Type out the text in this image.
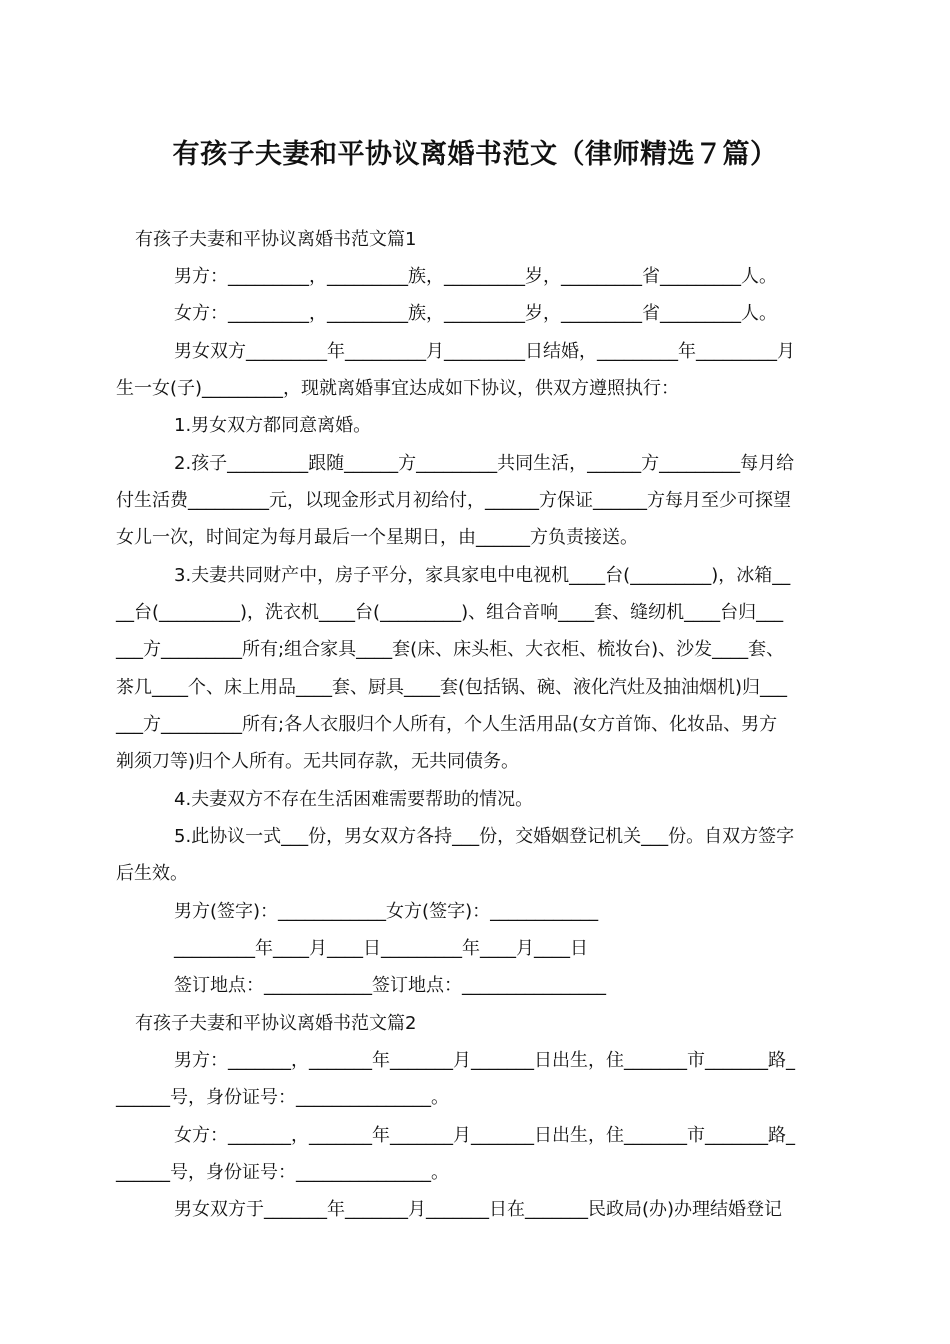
有孩子夫妻和平协议离婚书范文（律师精选７篇）
有孩子夫妻和平协议离婚书范文篇1
男方：_________，_________族，_________岁，_________省_________人。
女方：_________，_________族，_________岁，_________省_________人。
男女双方_________年_________月_________日结婚，_________年_________月
生一女(子)_________，现就离婚事宜达成如下协议，供双方遵照执行：
1.男女双方都同意离婚。
2.孩子_________跟随______方_________共同生活，______方_________每月给
付生活费_________元，以现金形式月初给付，______方保证______方每月至少可探望
女儿一次，时间定为每月最后一个星期日，由______方负责接送。
3.夫妻共同财产中，房子平分，家具家电中电视机____台(_________)，冰箱__
__台(_________)，洗衣机____台(_________)、组合音响____套、缝纫机____台归___
___方_________所有;组合家具____套(床、床头柜、大衣柜、梳妆台)、沙发____套、
茶几____个、床上用品____套、厨具____套(包括锅、碗、液化汽灶及抽油烟机)归___
___方_________所有;各人衣服归个人所有，个人生活用品(女方首饰、化妆品、男方
剃须刀等)归个人所有。无共同存款，无共同债务。
4.夫妻双方不存在生活困难需要帮助的情况。
5.此协议一式___份，男女双方各持___份，交婚姻登记机关___份。自双方签字
后生效。
男方(签字)：____________女方(签字)：____________
_________年____月____日_________年____月____日
签订地点：____________签订地点：________________
有孩子夫妻和平协议离婚书范文篇2
男方：_______，_______年_______月_______日出生，住_______市_______路_
______号，身份证号：_______________。
女方：_______，_______年_______月_______日出生，住_______市_______路_
______号，身份证号：_______________。
男女双方于_______年_______月_______日在_______民政局(办)办理结婚登记
